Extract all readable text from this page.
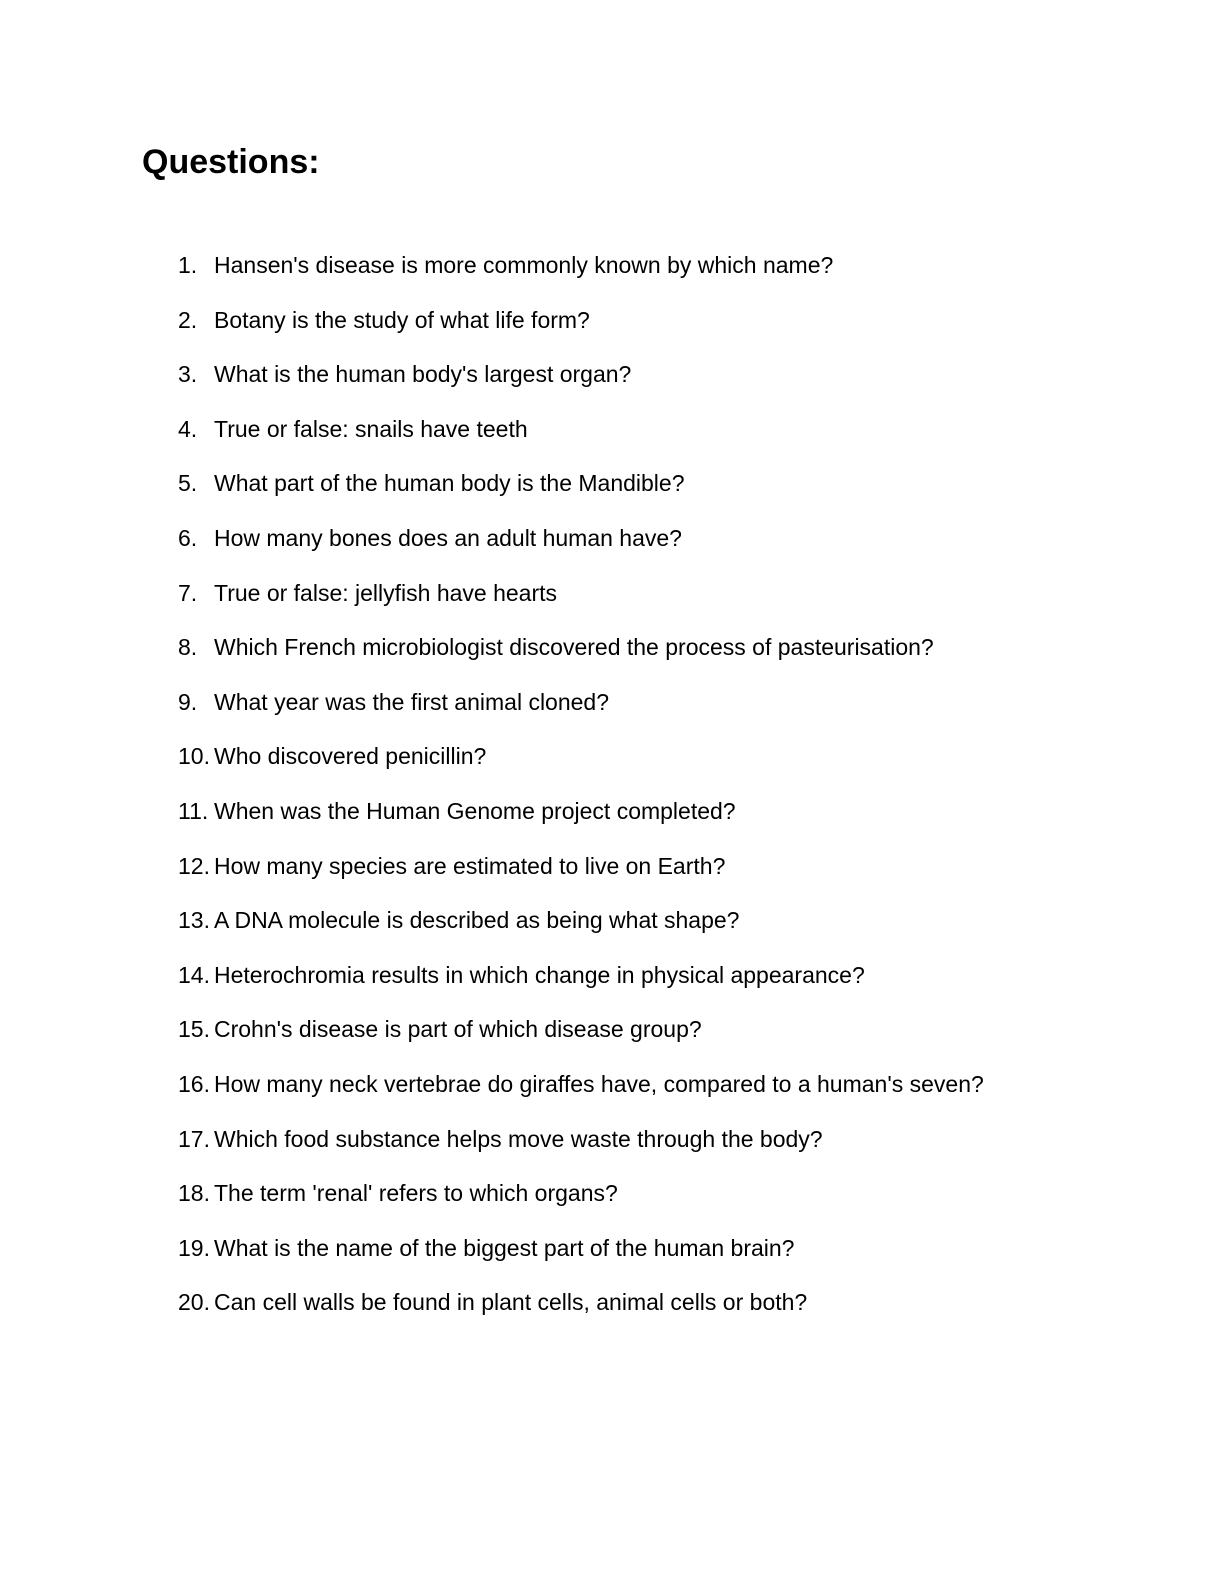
Questions:
1. Hansen's disease is more commonly known by which name?
2. Botany is the study of what life form?
3. What is the human body's largest organ?
4. True or false: snails have teeth
5. What part of the human body is the Mandible?
6. How many bones does an adult human have?
7. True or false: jellyfish have hearts
8. Which French microbiologist discovered the process of pasteurisation?
9. What year was the first animal cloned?
10. Who discovered penicillin?
11. When was the Human Genome project completed?
12. How many species are estimated to live on Earth?
13. A DNA molecule is described as being what shape?
14. Heterochromia results in which change in physical appearance?
15. Crohn's disease is part of which disease group?
16. How many neck vertebrae do giraffes have, compared to a human's seven?
17. Which food substance helps move waste through the body?
18. The term 'renal' refers to which organs?
19. What is the name of the biggest part of the human brain?
20. Can cell walls be found in plant cells, animal cells or both?
